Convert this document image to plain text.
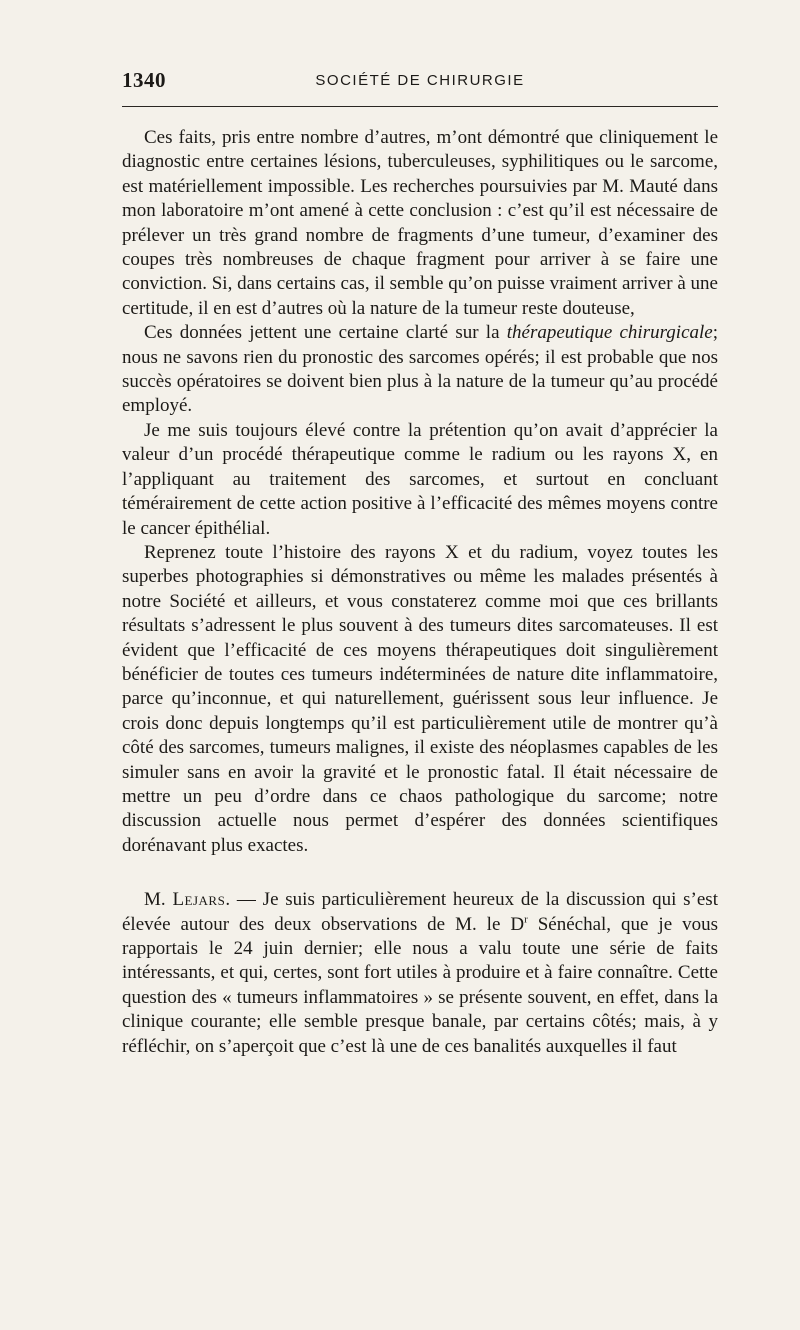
1340	SOCIÉTÉ DE CHIRURGIE

Ces faits, pris entre nombre d’autres, m’ont démontré que cliniquement le diagnostic entre certaines lésions, tuberculeuses, syphilitiques ou le sarcome, est matériellement impossible. Les recherches poursuivies par M. Mauté dans mon laboratoire m’ont amené à cette conclusion : c’est qu’il est nécessaire de prélever un très grand nombre de fragments d’une tumeur, d’examiner des coupes très nombreuses de chaque fragment pour arriver à se faire une conviction. Si, dans certains cas, il semble qu’on puisse vraiment arriver à une certitude, il en est d’autres où la nature de la tumeur reste douteuse,

Ces données jettent une certaine clarté sur la thérapeutique chirurgicale; nous ne savons rien du pronostic des sarcomes opérés; il est probable que nos succès opératoires se doivent bien plus à la nature de la tumeur qu’au procédé employé.

Je me suis toujours élevé contre la prétention qu’on avait d’apprécier la valeur d’un procédé thérapeutique comme le radium ou les rayons X, en l’appliquant au traitement des sarcomes, et surtout en concluant témérairement de cette action positive à l’efficacité des mêmes moyens contre le cancer épithélial.

Reprenez toute l’histoire des rayons X et du radium, voyez toutes les superbes photographies si démonstratives ou même les malades présentés à notre Société et ailleurs, et vous constaterez comme moi que ces brillants résultats s’adressent le plus souvent à des tumeurs dites sarcomateuses. Il est évident que l’efficacité de ces moyens thérapeutiques doit singulièrement bénéficier de toutes ces tumeurs indéterminées de nature dite inflammatoire, parce qu’inconnue, et qui naturellement, guérissent sous leur influence. Je crois donc depuis longtemps qu’il est particulièrement utile de montrer qu’à côté des sarcomes, tumeurs malignes, il existe des néoplasmes capables de les simuler sans en avoir la gravité et le pronostic fatal. Il était nécessaire de mettre un peu d’ordre dans ce chaos pathologique du sarcome; notre discussion actuelle nous permet d’espérer des données scientifiques dorénavant plus exactes.

M. Lejars. — Je suis particulièrement heureux de la discussion qui s’est élevée autour des deux observations de M. le $D^r$ Sénéchal, que je vous rapportais le 24 juin dernier; elle nous a valu toute une série de faits intéressants, et qui, certes, sont fort utiles à produire et à faire connaître. Cette question des « tumeurs inflammatoires » se présente souvent, en effet, dans la clinique courante; elle semble presque banale, par certains côtés; mais, à y réfléchir, on s’aperçoit que c’est là une de ces banalités auxquelles il faut
